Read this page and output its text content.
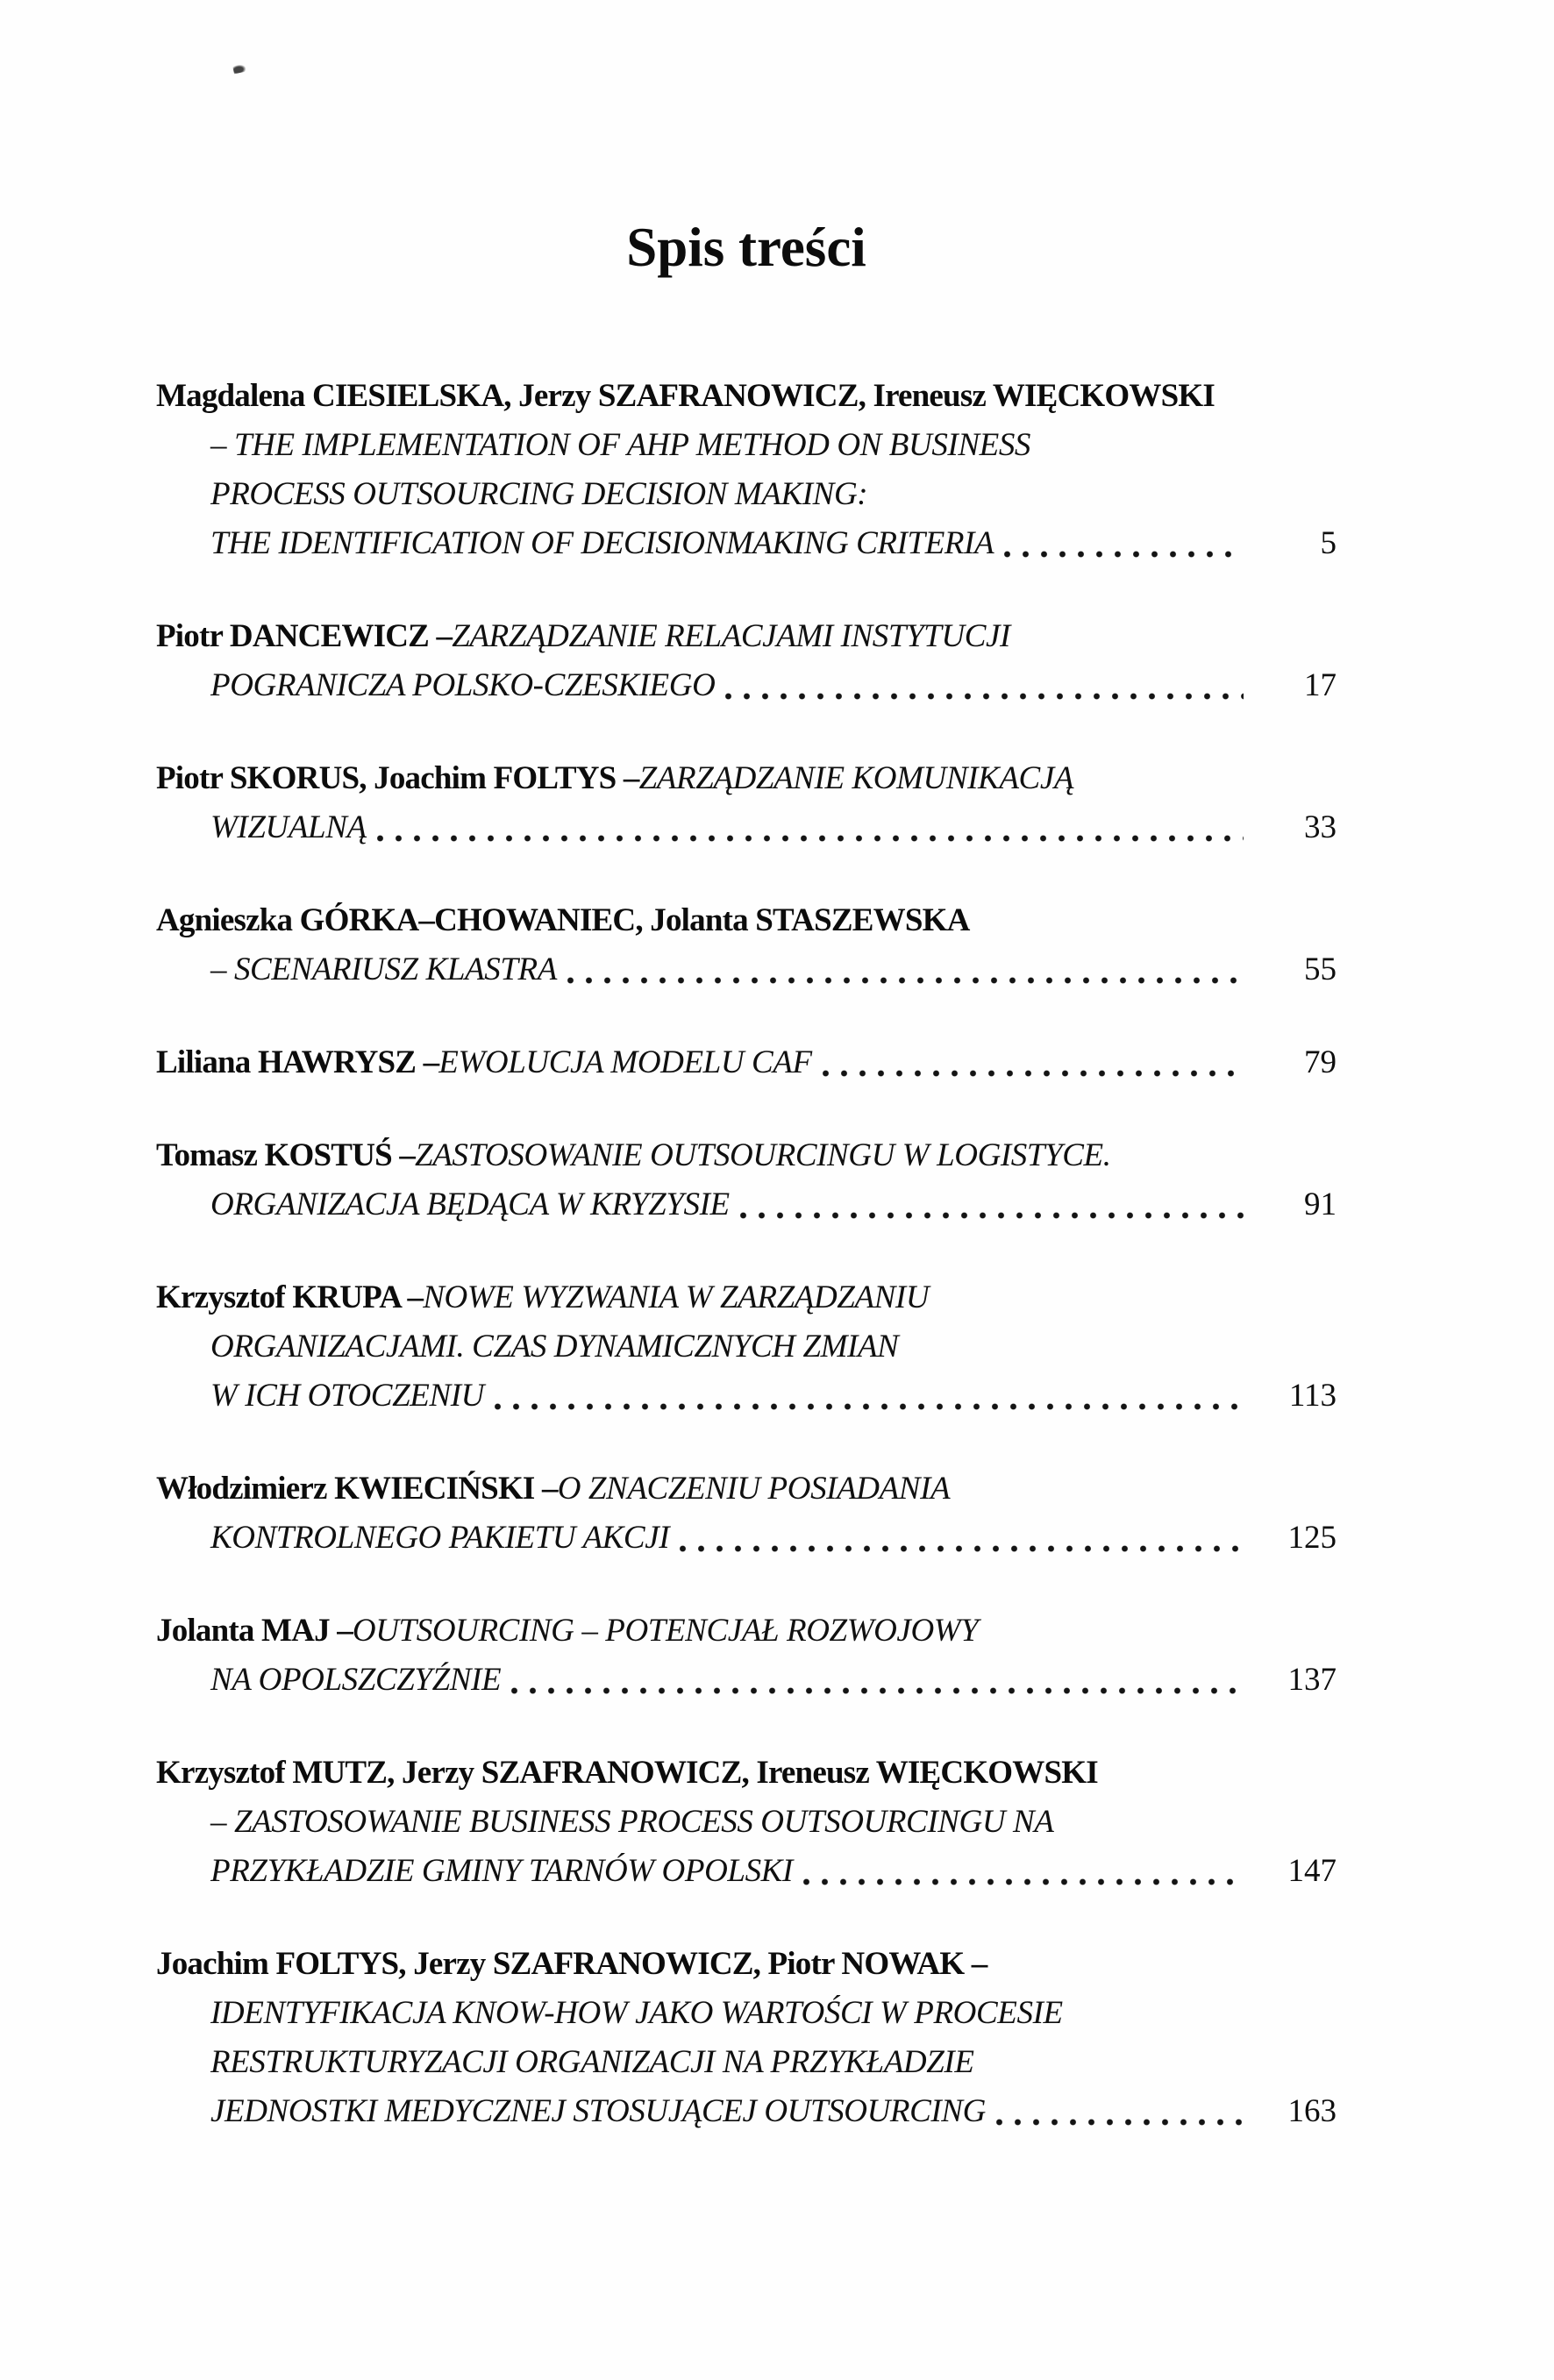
Spis treści
Magdalena CIESIELSKA, Jerzy SZAFRANOWICZ, Ireneusz WIĘCKOWSKI
– THE IMPLEMENTATION OF AHP METHOD ON BUSINESS
PROCESS OUTSOURCING DECISION MAKING:
THE IDENTIFICATION OF DECISIONMAKING CRITERIA	5
Piotr DANCEWICZ – ZARZĄDZANIE RELACJAMI INSTYTUCJI
POGRANICZA POLSKO-CZESKIEGO	17
Piotr SKORUS, Joachim FOLTYS – ZARZĄDZANIE KOMUNIKACJĄ
WIZUALNĄ	33
Agnieszka GÓRKA–CHOWANIEC, Jolanta STASZEWSKA
– SCENARIUSZ KLASTRA	55
Liliana HAWRYSZ – EWOLUCJA MODELU CAF	79
Tomasz KOSTUŚ – ZASTOSOWANIE OUTSOURCINGU W LOGISTYCE.
ORGANIZACJA BĘDĄCA W KRYZYSIE	91
Krzysztof KRUPA – NOWE WYZWANIA W ZARZĄDZANIU
ORGANIZACJAMI. CZAS DYNAMICZNYCH ZMIAN
W ICH OTOCZENIU	113
Włodzimierz KWIECIŃSKI – O ZNACZENIU POSIADANIA
KONTROLNEGO PAKIETU AKCJI	125
Jolanta MAJ – OUTSOURCING – POTENCJAŁ ROZWOJOWY
NA OPOLSZCZYŹNIE	137
Krzysztof MUTZ, Jerzy SZAFRANOWICZ, Ireneusz WIĘCKOWSKI
– ZASTOSOWANIE BUSINESS PROCESS OUTSOURCINGU NA
PRZYKŁADZIE GMINY TARNÓW OPOLSKI	147
Joachim FOLTYS, Jerzy SZAFRANOWICZ, Piotr NOWAK –
IDENTYFIKACJA KNOW-HOW JAKO WARTOŚCI W PROCESIE
RESTRUKTURYZACJI ORGANIZACJI NA PRZYKŁADZIE
JEDNOSTKI MEDYCZNEJ STOSUJĄCEJ OUTSOURCING	163
